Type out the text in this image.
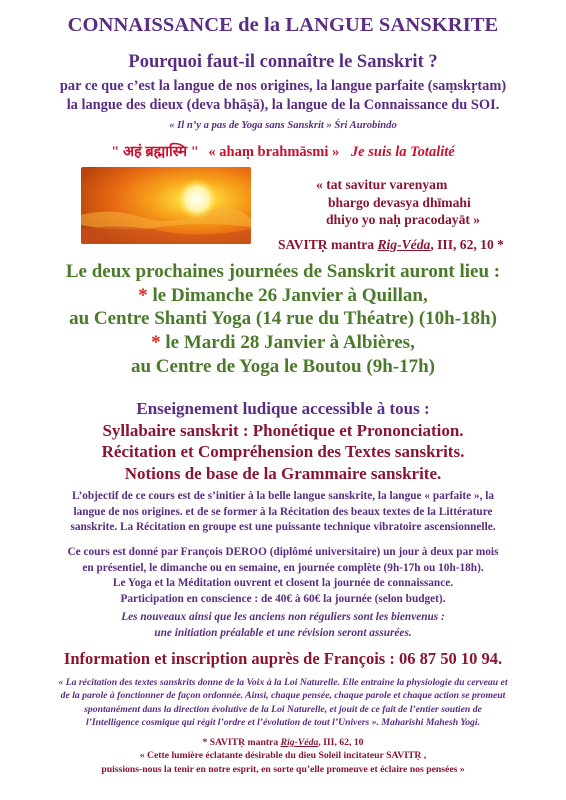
CONNAISSANCE de la LANGUE SANSKRITE
Pourquoi faut-il connaître le Sanskrit ?
par ce que c’est la langue de nos origines, la langue parfaite (saṃskṛtam)
la langue des dieux (deva bhāṣā), la langue de la Connaissance du SOI.
« Il n’y a pas de Yoga sans Sanskrit » Śri Aurobindo
" अहं ब्रह्मास्मि " « ahaṃ brahmāsmi » Je suis la Totalité
« tat savitur varenyam
bhargo devasya dhīmahi
dhiyo yo naḥ pracodayāt »
SAVITṚ mantra Rig-Véda, III, 62, 10 *
Le deux prochaines journées de Sanskrit auront lieu :
* le Dimanche 26 Janvier à Quillan,
au Centre Shanti Yoga (14 rue du Théatre) (10h-18h)
* le Mardi 28 Janvier à Albières,
au Centre de Yoga le Boutou (9h-17h)
Enseignement ludique accessible à tous :
Syllabaire sanskrit : Phonétique et Prononciation.
Récitation et Compréhension des Textes sanskrits.
Notions de base de la Grammaire sanskrite.
L’objectif de ce cours est de s’initier à la belle langue sanskrite, la langue « parfaite », la
langue de nos origines. et de se former à la Récitation des beaux textes de la Littérature
sanskrite. La Récitation en groupe est une puissante technique vibratoire ascensionnelle.
Ce cours est donné par François DEROO (diplômé universitaire) un jour à deux par mois
en présentiel, le dimanche ou en semaine, en journée complète (9h-17h ou 10h-18h).
Le Yoga et la Méditation ouvrent et closent la journée de connaissance.
Participation en conscience : de 40€ à 60€ la journée (selon budget).
Les nouveaux ainsi que les anciens non réguliers sont les bienvenus :
une initiation préalable et une révision seront assurées.
Information et inscription auprès de François : 06 87 50 10 94.
« La récitation des textes sanskrits donne de la Voix à la Loi Naturelle. Elle entraine la physiologie du cerveau et
de la parole à fonctionner de façon ordonnée. Ainsi, chaque pensée, chaque parole et chaque action se promeut
spontanément dans la direction évolutive de la Loi Naturelle, et jouit de ce fait de l’entier soutien de
l’Intelligence cosmique qui régit l’ordre et l’évolution de tout l’Univers ». Maharishi Mahesh Yogi.
* SAVITṚ mantra Rig-Véda, III, 62, 10
« Cette lumière éclatante désirable du dieu Soleil incitateur SAVITṚ ,
puissions-nous la tenir en notre esprit, en sorte qu’elle promeuve et éclaire nos pensées »
